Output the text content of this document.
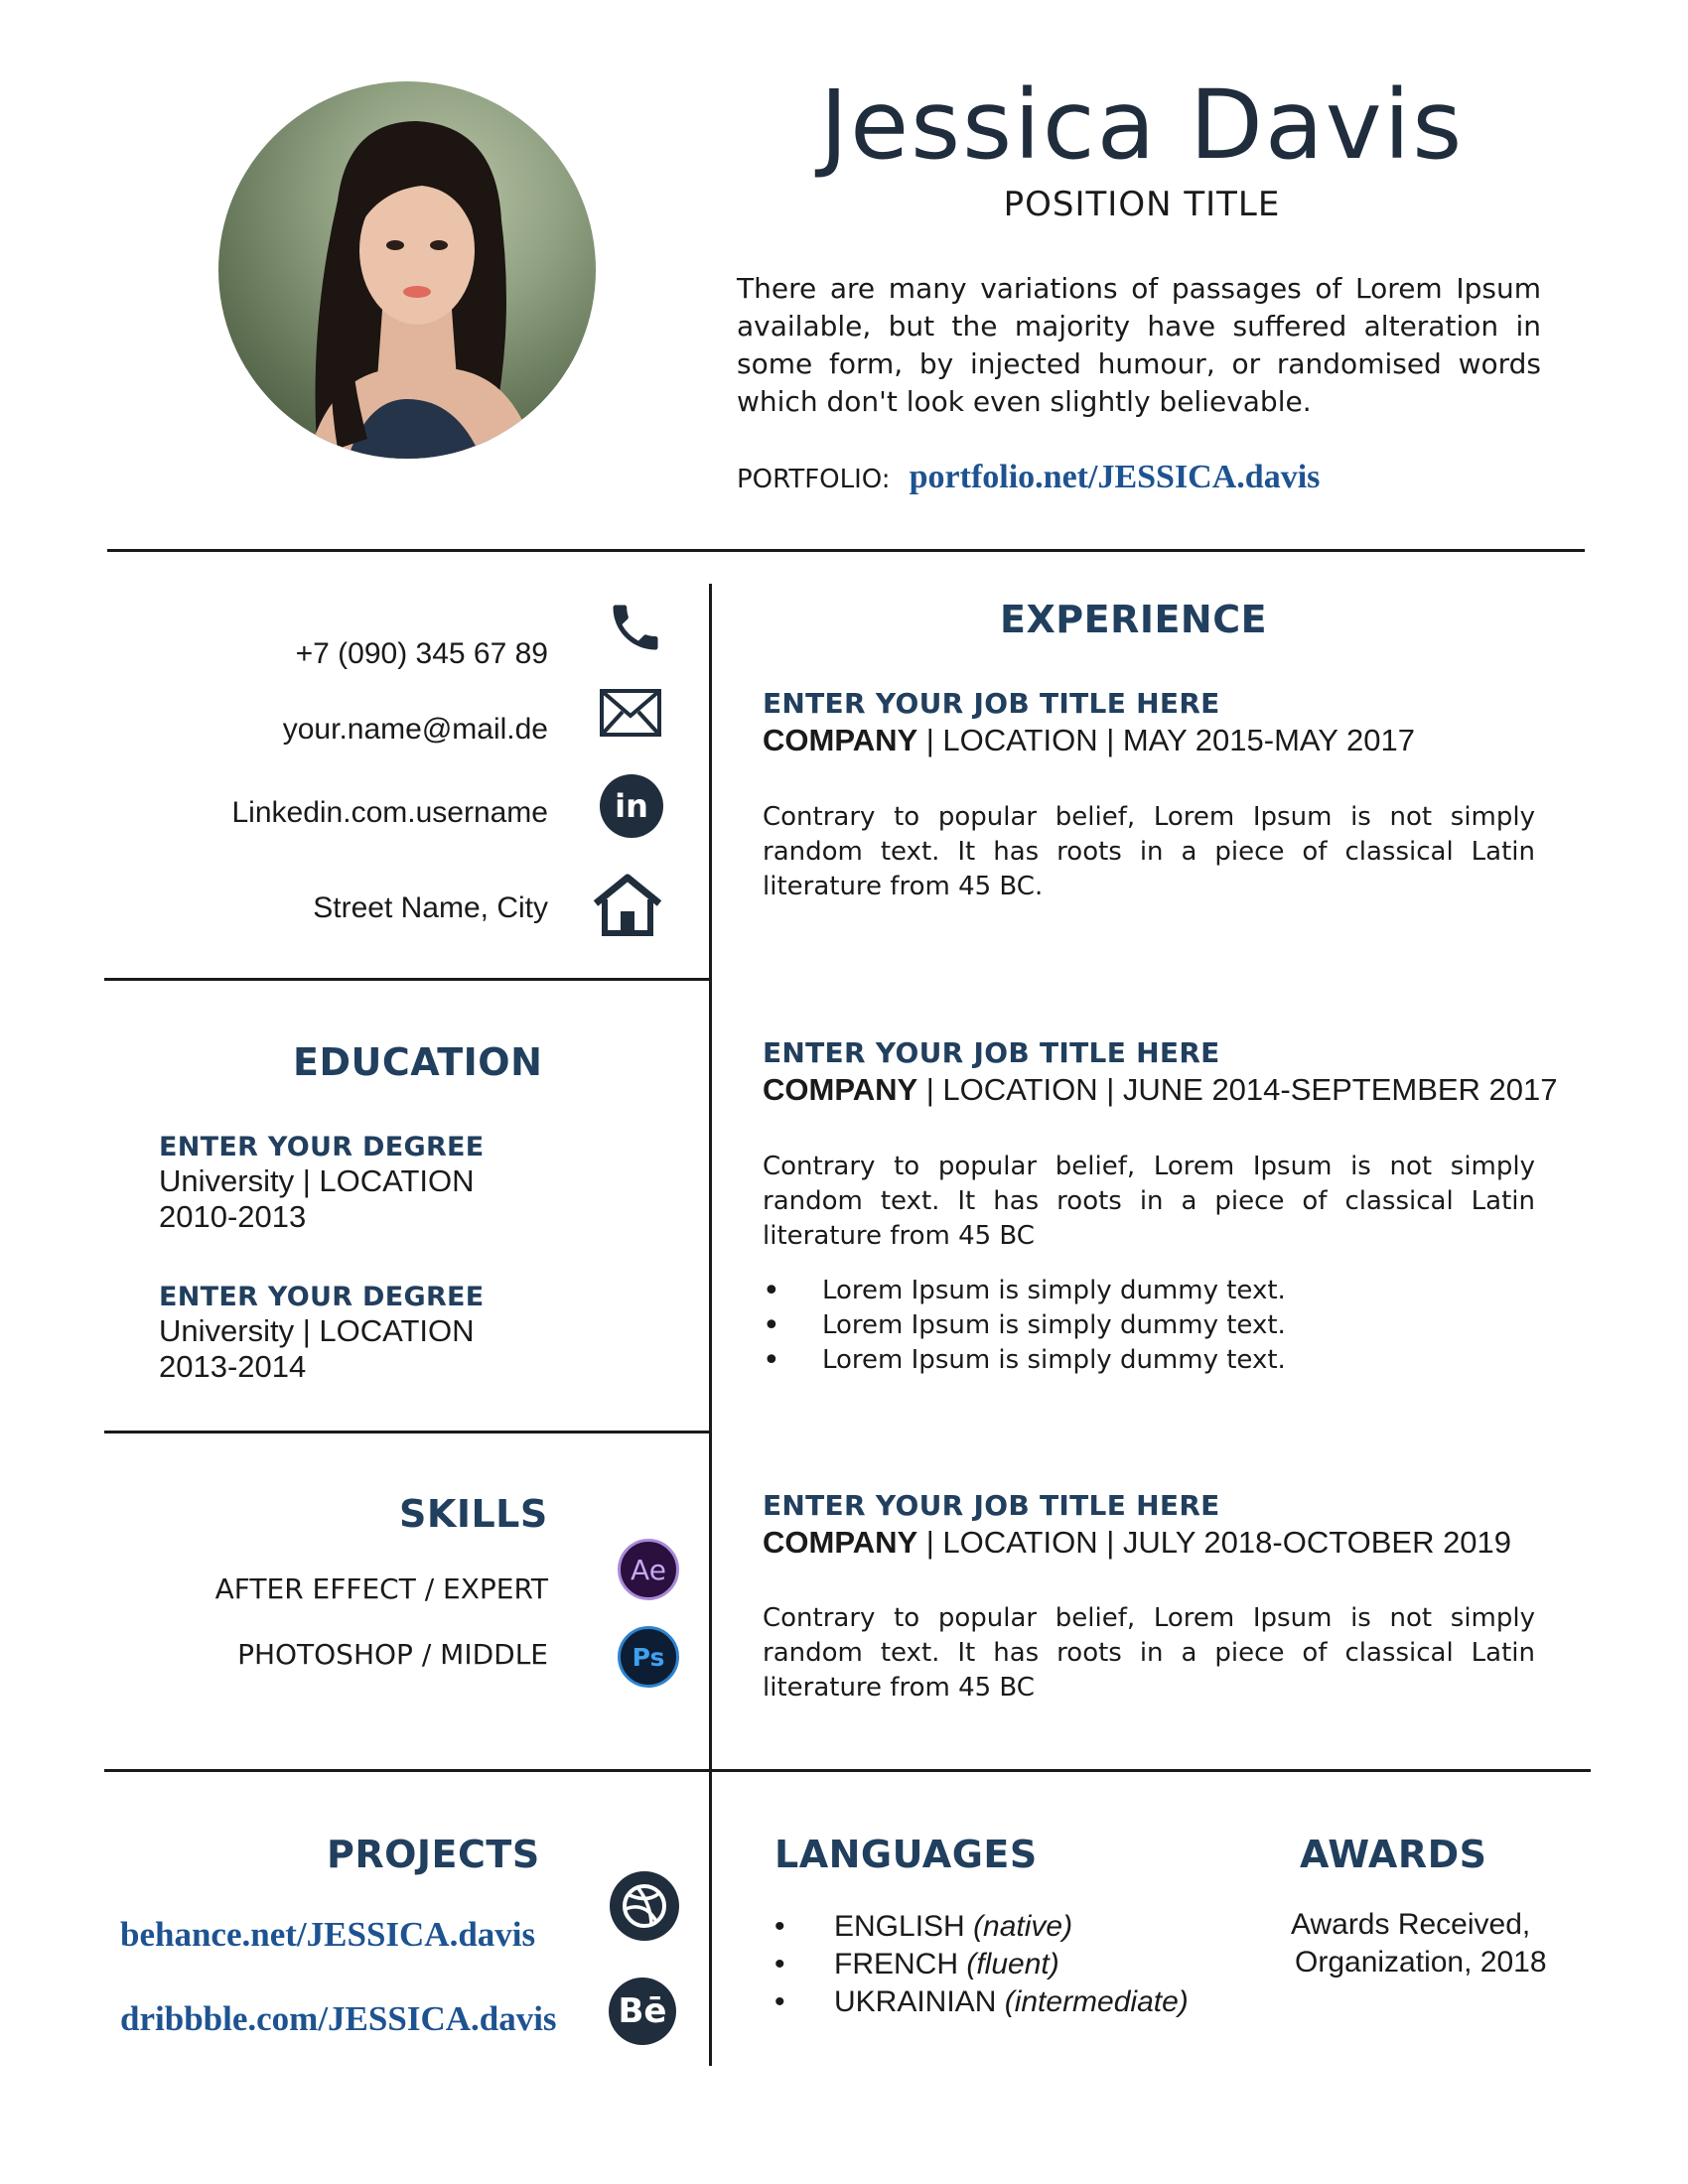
Jessica Davis
POSITION TITLE
There are many variations of passages of Lorem Ipsum available, but the majority have suffered alteration in some form, by injected humour, or randomised words which don't look even slightly believable.
PORTFOLIO: portfolio.net/JESSICA.davis
+7 (090) 345 67 89
your.name@mail.de
Linkedin.com.username	in
Street Name, City
EDUCATION
ENTER YOUR DEGREE
University | LOCATION
2010-2013
ENTER YOUR DEGREE
University | LOCATION
2013-2014
SKILLS
AFTER EFFECT / EXPERT
Ae
PHOTOSHOP / MIDDLE	Ps
PROJECTS
behance.net/JESSICA.davis
dribbble.com/JESSICA.davis Bē
EXPERIENCE
ENTER YOUR JOB TITLE HERE
COMPANY | LOCATION | MAY 2015-MAY 2017
Contrary to popular belief, Lorem Ipsum is not simply random text. It has roots in a piece of classical Latin literature from 45 BC.
ENTER YOUR JOB TITLE HERE
COMPANY | LOCATION | JUNE 2014-SEPTEMBER 2017
Contrary to popular belief, Lorem Ipsum is not simply random text. It has roots in a piece of classical Latin literature from 45 BC
• Lorem Ipsum is simply dummy text.
• Lorem Ipsum is simply dummy text.
• Lorem Ipsum is simply dummy text.
ENTER YOUR JOB TITLE HERE
COMPANY | LOCATION | JULY 2018-OCTOBER 2019
Contrary to popular belief, Lorem Ipsum is not simply random text. It has roots in a piece of classical Latin literature from 45 BC
LANGUAGES
• ENGLISH (native)
• FRENCH (fluent)
• UKRAINIAN (intermediate)
AWARDS
Awards Received,
Organization, 2018
